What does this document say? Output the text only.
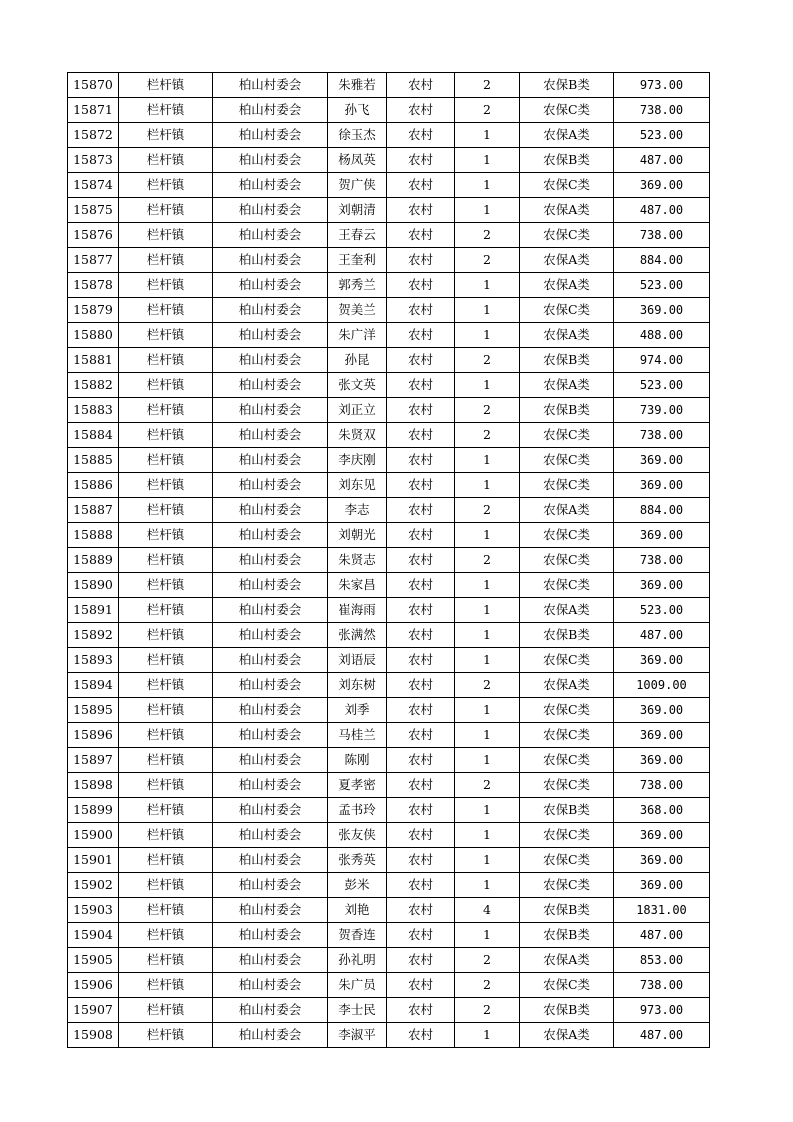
15870	栏杆镇	柏山村委会	朱雅若	农村	2	农保B类	973.00
15871	栏杆镇	柏山村委会	孙飞	农村	2	农保C类	738.00
15872	栏杆镇	柏山村委会	徐玉杰	农村	1	农保A类	523.00
15873	栏杆镇	柏山村委会	杨凤英	农村	1	农保B类	487.00
15874	栏杆镇	柏山村委会	贺广侠	农村	1	农保C类	369.00
15875	栏杆镇	柏山村委会	刘朝清	农村	1	农保A类	487.00
15876	栏杆镇	柏山村委会	王春云	农村	2	农保C类	738.00
15877	栏杆镇	柏山村委会	王奎利	农村	2	农保A类	884.00
15878	栏杆镇	柏山村委会	郭秀兰	农村	1	农保A类	523.00
15879	栏杆镇	柏山村委会	贺美兰	农村	1	农保C类	369.00
15880	栏杆镇	柏山村委会	朱广洋	农村	1	农保A类	488.00
15881	栏杆镇	柏山村委会	孙昆	农村	2	农保B类	974.00
15882	栏杆镇	柏山村委会	张文英	农村	1	农保A类	523.00
15883	栏杆镇	柏山村委会	刘正立	农村	2	农保B类	739.00
15884	栏杆镇	柏山村委会	朱贤双	农村	2	农保C类	738.00
15885	栏杆镇	柏山村委会	李庆刚	农村	1	农保C类	369.00
15886	栏杆镇	柏山村委会	刘东见	农村	1	农保C类	369.00
15887	栏杆镇	柏山村委会	李志	农村	2	农保A类	884.00
15888	栏杆镇	柏山村委会	刘朝光	农村	1	农保C类	369.00
15889	栏杆镇	柏山村委会	朱贤志	农村	2	农保C类	738.00
15890	栏杆镇	柏山村委会	朱家昌	农村	1	农保C类	369.00
15891	栏杆镇	柏山村委会	崔海雨	农村	1	农保A类	523.00
15892	栏杆镇	柏山村委会	张满然	农村	1	农保B类	487.00
15893	栏杆镇	柏山村委会	刘语辰	农村	1	农保C类	369.00
15894	栏杆镇	柏山村委会	刘东树	农村	2	农保A类	1009.00
15895	栏杆镇	柏山村委会	刘季	农村	1	农保C类	369.00
15896	栏杆镇	柏山村委会	马桂兰	农村	1	农保C类	369.00
15897	栏杆镇	柏山村委会	陈刚	农村	1	农保C类	369.00
15898	栏杆镇	柏山村委会	夏孝密	农村	2	农保C类	738.00
15899	栏杆镇	柏山村委会	孟书玲	农村	1	农保B类	368.00
15900	栏杆镇	柏山村委会	张友侠	农村	1	农保C类	369.00
15901	栏杆镇	柏山村委会	张秀英	农村	1	农保C类	369.00
15902	栏杆镇	柏山村委会	彭米	农村	1	农保C类	369.00
15903	栏杆镇	柏山村委会	刘艳	农村	4	农保B类	1831.00
15904	栏杆镇	柏山村委会	贺香连	农村	1	农保B类	487.00
15905	栏杆镇	柏山村委会	孙礼明	农村	2	农保A类	853.00
15906	栏杆镇	柏山村委会	朱广员	农村	2	农保C类	738.00
15907	栏杆镇	柏山村委会	李士民	农村	2	农保B类	973.00
15908	栏杆镇	柏山村委会	李淑平	农村	1	农保A类	487.00
